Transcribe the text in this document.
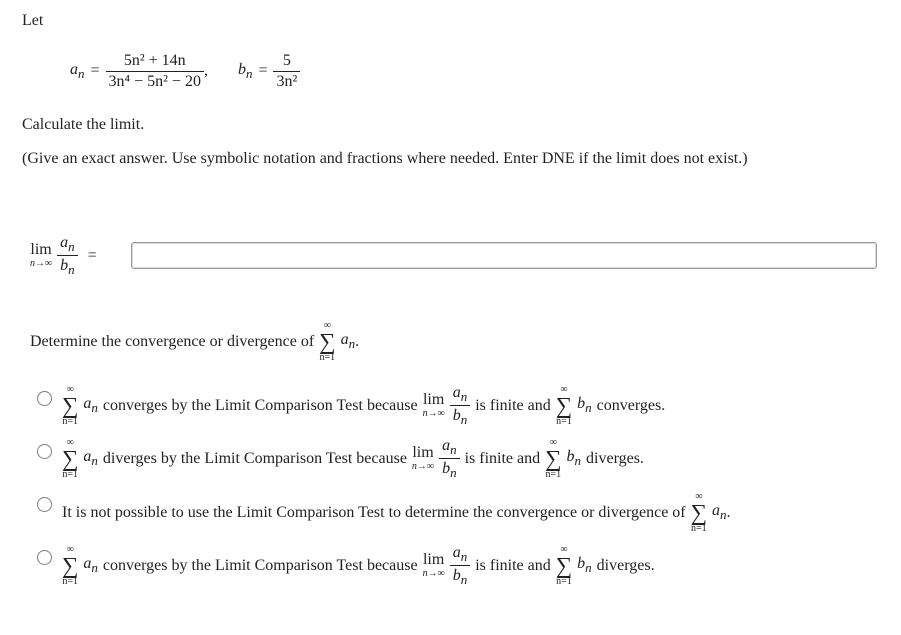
Let
$a_n = \frac{\text{5n² + 14n}}{\text{3n⁴ − 5n² − 20}}$ , $b_n = \frac{5}{\text{3n²}}$
Calculate the limit.
(Give an exact answer. Use symbolic notation and fractions where needed. Enter DNE if the limit does not exist.)
lim
$n\to\infty \frac{a_n}{b_n}$ =
Determine the convergence or divergence of
∞
∑
n=1
$a_n$ .
∞
∑
n=1
$a_n$ converges by the Limit Comparison Test because lim
$n\to\infty \frac{a_n}{b_n}$ is finite and
∞
∑
n=1
$b_n$ converges.
∞
∑
n=1
$a_n$ diverges by the Limit Comparison Test because lim
$n\to\infty \frac{a_n}{b_n}$ is finite and
∞
∑
n=1
$b_n$ diverges.
It is not possible to use the Limit Comparison Test to determine the convergence or divergence of
∞
∑
n=1
$a_n$ .
∞
∑
n=1
$a_n$ converges by the Limit Comparison Test because lim
$n\to\infty \frac{a_n}{b_n}$ is finite and
∞
∑
n=1
$b_n$ diverges.
